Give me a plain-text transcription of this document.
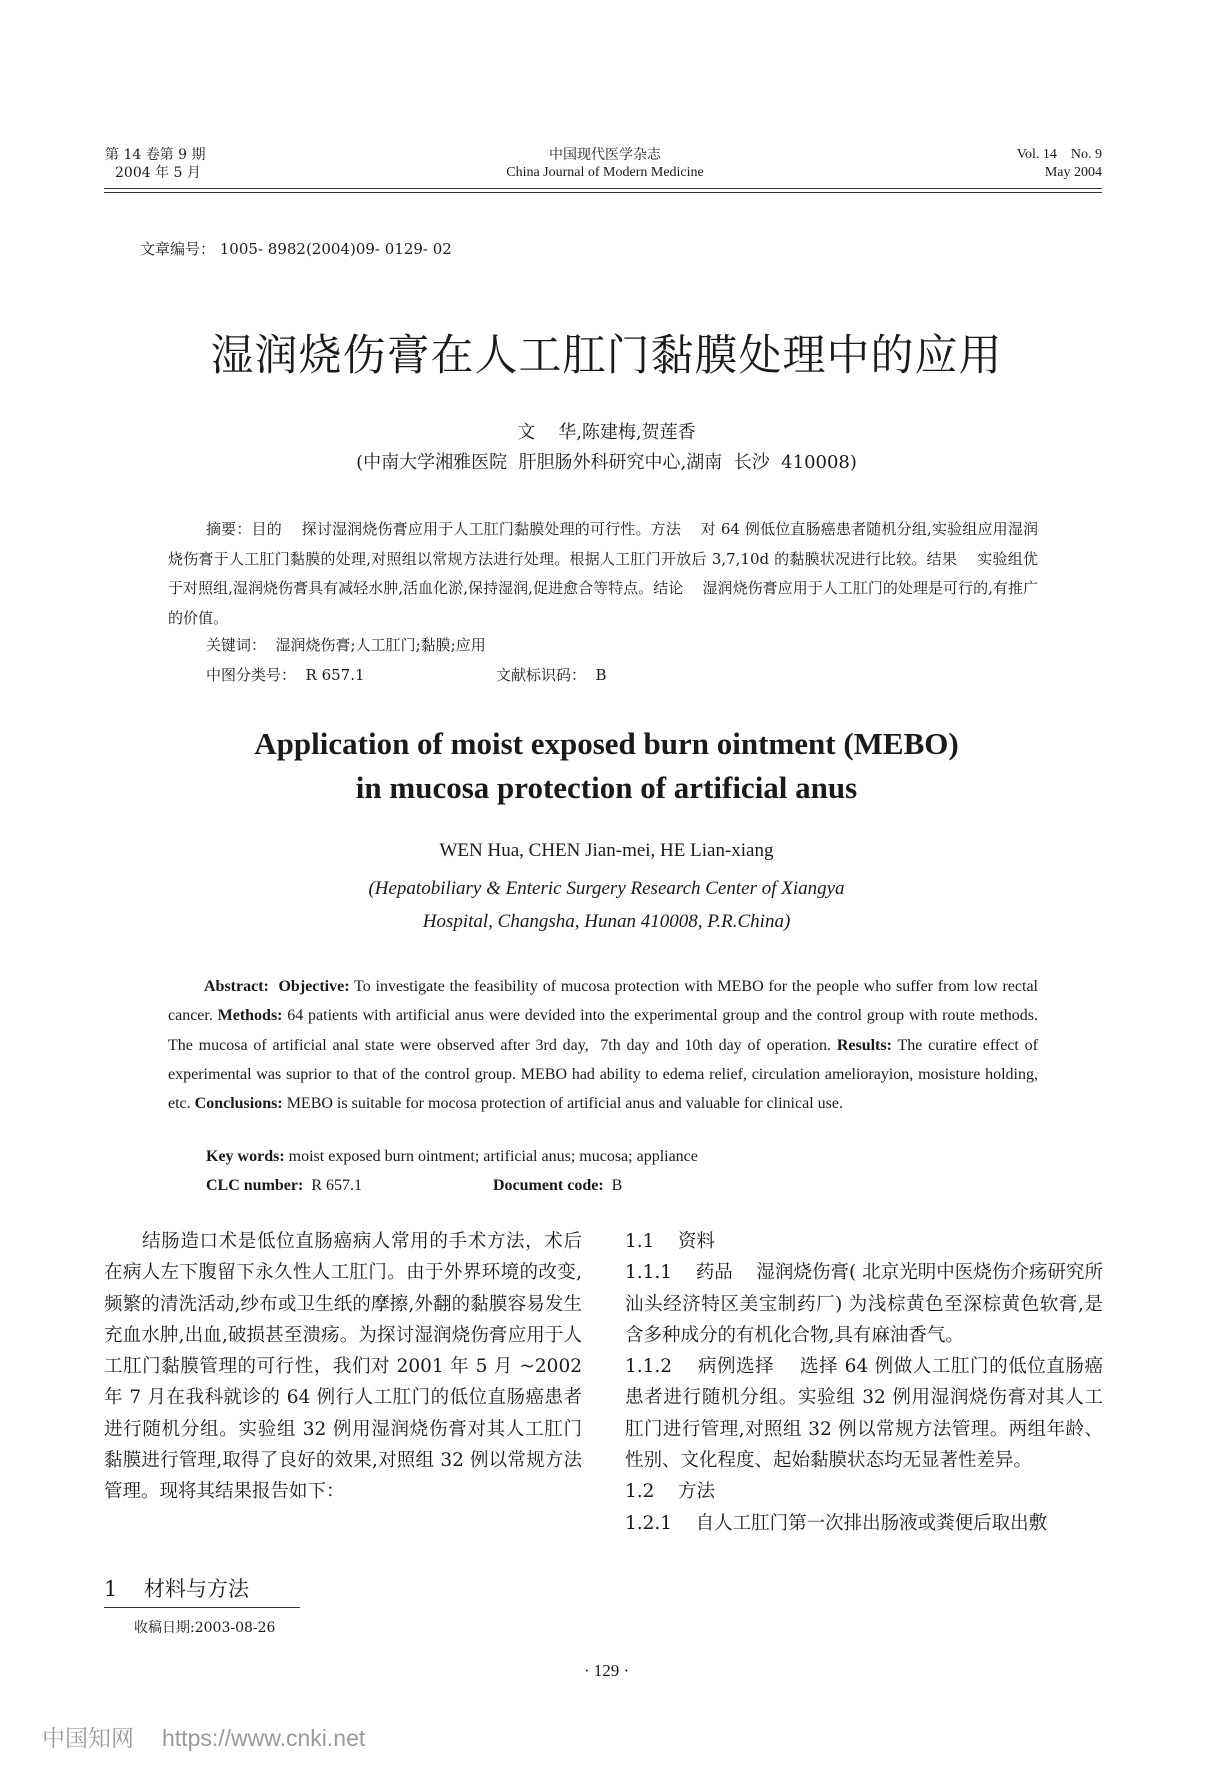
第 14 卷第 9 期
2004 年 5 月
中国现代医学杂志
China Journal of Modern Medicine
Vol. 14    No. 9
May 2004
文章编号： 1005- 8982(2004)09- 0129- 02
湿润烧伤膏在人工肛门黏膜处理中的应用
文    华,陈建梅,贺莲香
(中南大学湘雅医院  肝胆肠外科研究中心,湖南  长沙  410008)
摘要：目的    探讨湿润烧伤膏应用于人工肛门黏膜处理的可行性。方法    对 64 例低位直肠癌患者随机分组,实验组应用湿润烧伤膏于人工肛门黏膜的处理,对照组以常规方法进行处理。根据人工肛门开放后 3,7,10d 的黏膜状况进行比较。结果    实验组优于对照组,湿润烧伤膏具有减轻水肿,活血化淤,保持湿润,促进愈合等特点。结论    湿润烧伤膏应用于人工肛门的处理是可行的,有推广的价值。
关键词：  湿润烧伤膏;人工肛门;黏膜;应用
中图分类号：  R 657.1	文献标识码：  B
Application of moist exposed burn ointment (MEBO)
in mucosa protection of artificial anus
WEN Hua, CHEN Jian-mei, HE Lian-xiang
(Hepatobiliary & Enteric Surgery Research Center of Xiangya
Hospital, Changsha, Hunan 410008, P.R.China)
Abstract: Objective: To investigate the feasibility of mucosa protection with MEBO for the people who suffer from low rectal cancer. Methods: 64 patients with artificial anus were devided into the experimental group and the control group with route methods.  The mucosa of artificial anal state were observed after 3rd day,  7th day and 10th day of operation. Results: The curatire effect of experimental was suprior to that of the control group. MEBO had ability to edema relief, circulation ameliorayion, mosisture holding, etc. Conclusions: MEBO is suitable for mocosa protection of artificial anus and valuable for clinical use.
Key words: moist exposed burn ointment; artificial anus; mucosa; appliance
CLC number:  R 657.1	Document code:  B

结肠造口术是低位直肠癌病人常用的手术方法，术后在病人左下腹留下永久性人工肛门。由于外界环境的改变,频繁的清洗活动,纱布或卫生纸的摩擦,外翻的黏膜容易发生充血水肿,出血,破损甚至溃疡。为探讨湿润烧伤膏应用于人工肛门黏膜管理的可行性，我们对 2001 年 5 月 ~2002 年 7 月在我科就诊的 64 例行人工肛门的低位直肠癌患者进行随机分组。实验组 32 例用湿润烧伤膏对其人工肛门黏膜进行管理,取得了良好的效果,对照组 32 例以常规方法管理。现将其结果报告如下：

1    材料与方法
收稿日期:2003-08-26

1.1    资料

1.1.1    药品    湿润烧伤膏( 北京光明中医烧伤介疡研究所汕头经济特区美宝制药厂) 为浅棕黄色至深棕黄色软膏,是含多种成分的有机化合物,具有麻油香气。

1.1.2    病例选择    选择 64 例做人工肛门的低位直肠癌患者进行随机分组。实验组 32 例用湿润烧伤膏对其人工肛门进行管理,对照组 32 例以常规方法管理。两组年龄、性别、文化程度、起始黏膜状态均无显著性差异。

1.2    方法

1.2.1    自人工肛门第一次排出肠液或粪便后取出敷

· 129 ·
中国知网 https://www.cnki.net
